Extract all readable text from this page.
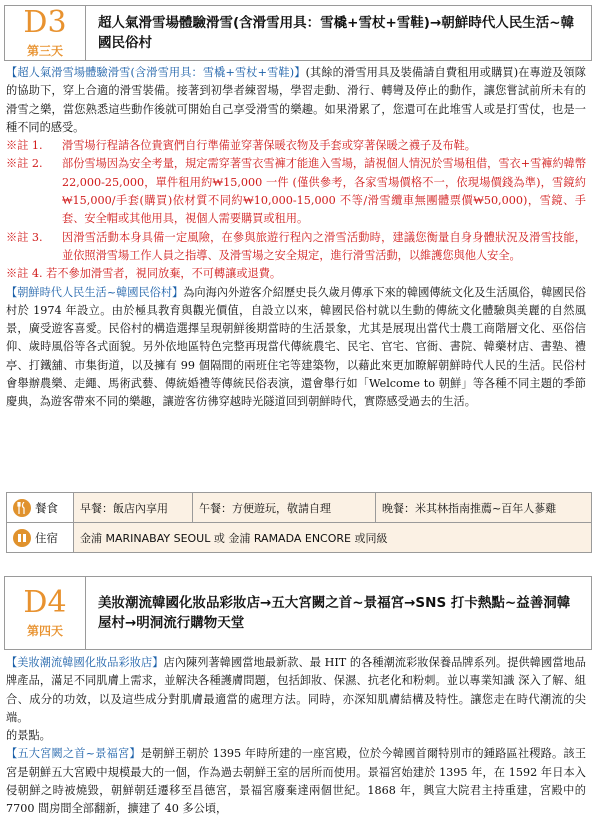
D3
第三天
超人氣滑雪場體驗滑雪(含滑雪用具：雪橇+雪杖+雪鞋)→朝鮮時代人民生活~韓國民俗村

【超人氣滑雪場體驗滑雪(含滑雪用具：雪橇+雪杖+雪鞋)】(其餘的滑雪用具及裝備請自費租用或購買)在專遊及領隊的協助下，穿上合適的滑雪裝備。接著到初學者練習場，學習走動、滑行、轉彎及停止的動作，讓您嘗試前所未有的滑雪之樂，當您熟悉這些動作後就可開始自己享受滑雪的樂趣。如果滑累了，您還可在此堆雪人或是打雪仗，也是一種不同的感受。

※註 1. 滑雪場行程請各位貴賓們自行準備並穿著保暖衣物及手套或穿著保暖之襪子及布鞋。
※註 2. 部份雪場因為安全考量，規定需穿著雪衣雪褲才能進入雪場，請視個人情況於雪場租借，雪衣+雪褲約韓幣 22,000-25,000，單件租用約₩15,000 一件 (僅供參考，各家雪場價格不一，依現場價錢為準)，雪鏡約₩15,000/手套(購買)依材質不同約₩10,000-15,000 不等/滑雪纜車無團體票價₩50,000)，雪鏡、手套、安全帽或其他用具，視個人需要購買或租用。
※註 3. 因滑雪活動本身具備一定風險，在參與旅遊行程內之滑雪活動時，建議您衡量自身身體狀況及滑雪技能，並依照滑雪場工作人員之指導、及滑雪場之安全規定，進行滑雪活動，以維護您與他人安全。
※註 4. 若不參加滑雪者，視同放棄，不可轉讓或退費。

【朝鮮時代人民生活~韓國民俗村】為向海內外遊客介紹歷史長久歲月傳承下來的韓國傳統文化及生活風俗，韓國民俗村於 1974 年設立。由於極具教育與觀光價值，自設立以來，韓國民俗村就以生動的傳統文化體驗與美麗的自然風景，廣受遊客喜愛。民俗村的構造選擇呈現朝鮮後期當時的生活景象，尤其是展現出當代士農工商階層文化、巫俗信仰、歲時風俗等各式面貌。另外依地區特色完整再現當代傳統農宅、民宅、官宅、官衙、書院、韓藥材店、書塾、禮亭、打鐵舖、市集街道，以及擁有 99 個隔間的兩班住宅等建築物，以藉此來更加瞭解朝鮮時代人民的生活。民俗村會舉辦農樂、走繩、馬術武藝、傳統婚禮等傳統民俗表演，還會舉行如「Welcome to 朝鮮」等各種不同主題的季節慶典，為遊客帶來不同的樂趣，讓遊客彷彿穿越時光隧道回到朝鮮時代，實際感受過去的生活。

餐食	早餐：飯店內享用	午餐：方便遊玩，敬請自理	晚餐：米其林指南推薦~百年人蔘雞
住宿	金浦 MARINABAY SEOUL 或 金浦 RAMADA ENCORE 或同級
D4
第四天
美妝潮流韓國化妝品彩妝店→五大宮闕之首~景福宮→SNS 打卡熱點~益善洞韓屋村→明洞流行購物天堂

【美妝潮流韓國化妝品彩妝店】店內陳列著韓國當地最新款、最 HIT 的各種潮流彩妝保養品牌系列。提供韓國當地品牌產品，滿足不同肌膚上需求，並解決各種護膚問題，包括卸妝、保濕、抗老化和粉刺。並以專業知識 深入了解、組合、成分的功效，以及這些成分對肌膚最適當的處理方法。同時，亦深知肌膚結構及特性。讓您走在時代潮流的尖端。

的景點。

【五大宮闕之首~景福宮】是朝鮮王朝於 1395 年時所建的一座宮殿，位於今韓國首爾特別市的鍾路區社稷路。該王宮是朝鮮五大宮殿中規模最大的一個，作為過去朝鮮王室的居所而使用。景福宮始建於 1395 年，在 1592 年日本入侵朝鮮之時被燒毀，朝鮮朝廷遷移至昌德宮，景福宮廢棄達兩個世紀。1868 年，興宣大院君主持重建，宮殿中的 7700 間房間全部翻新，擴建了 40 多公頃，
